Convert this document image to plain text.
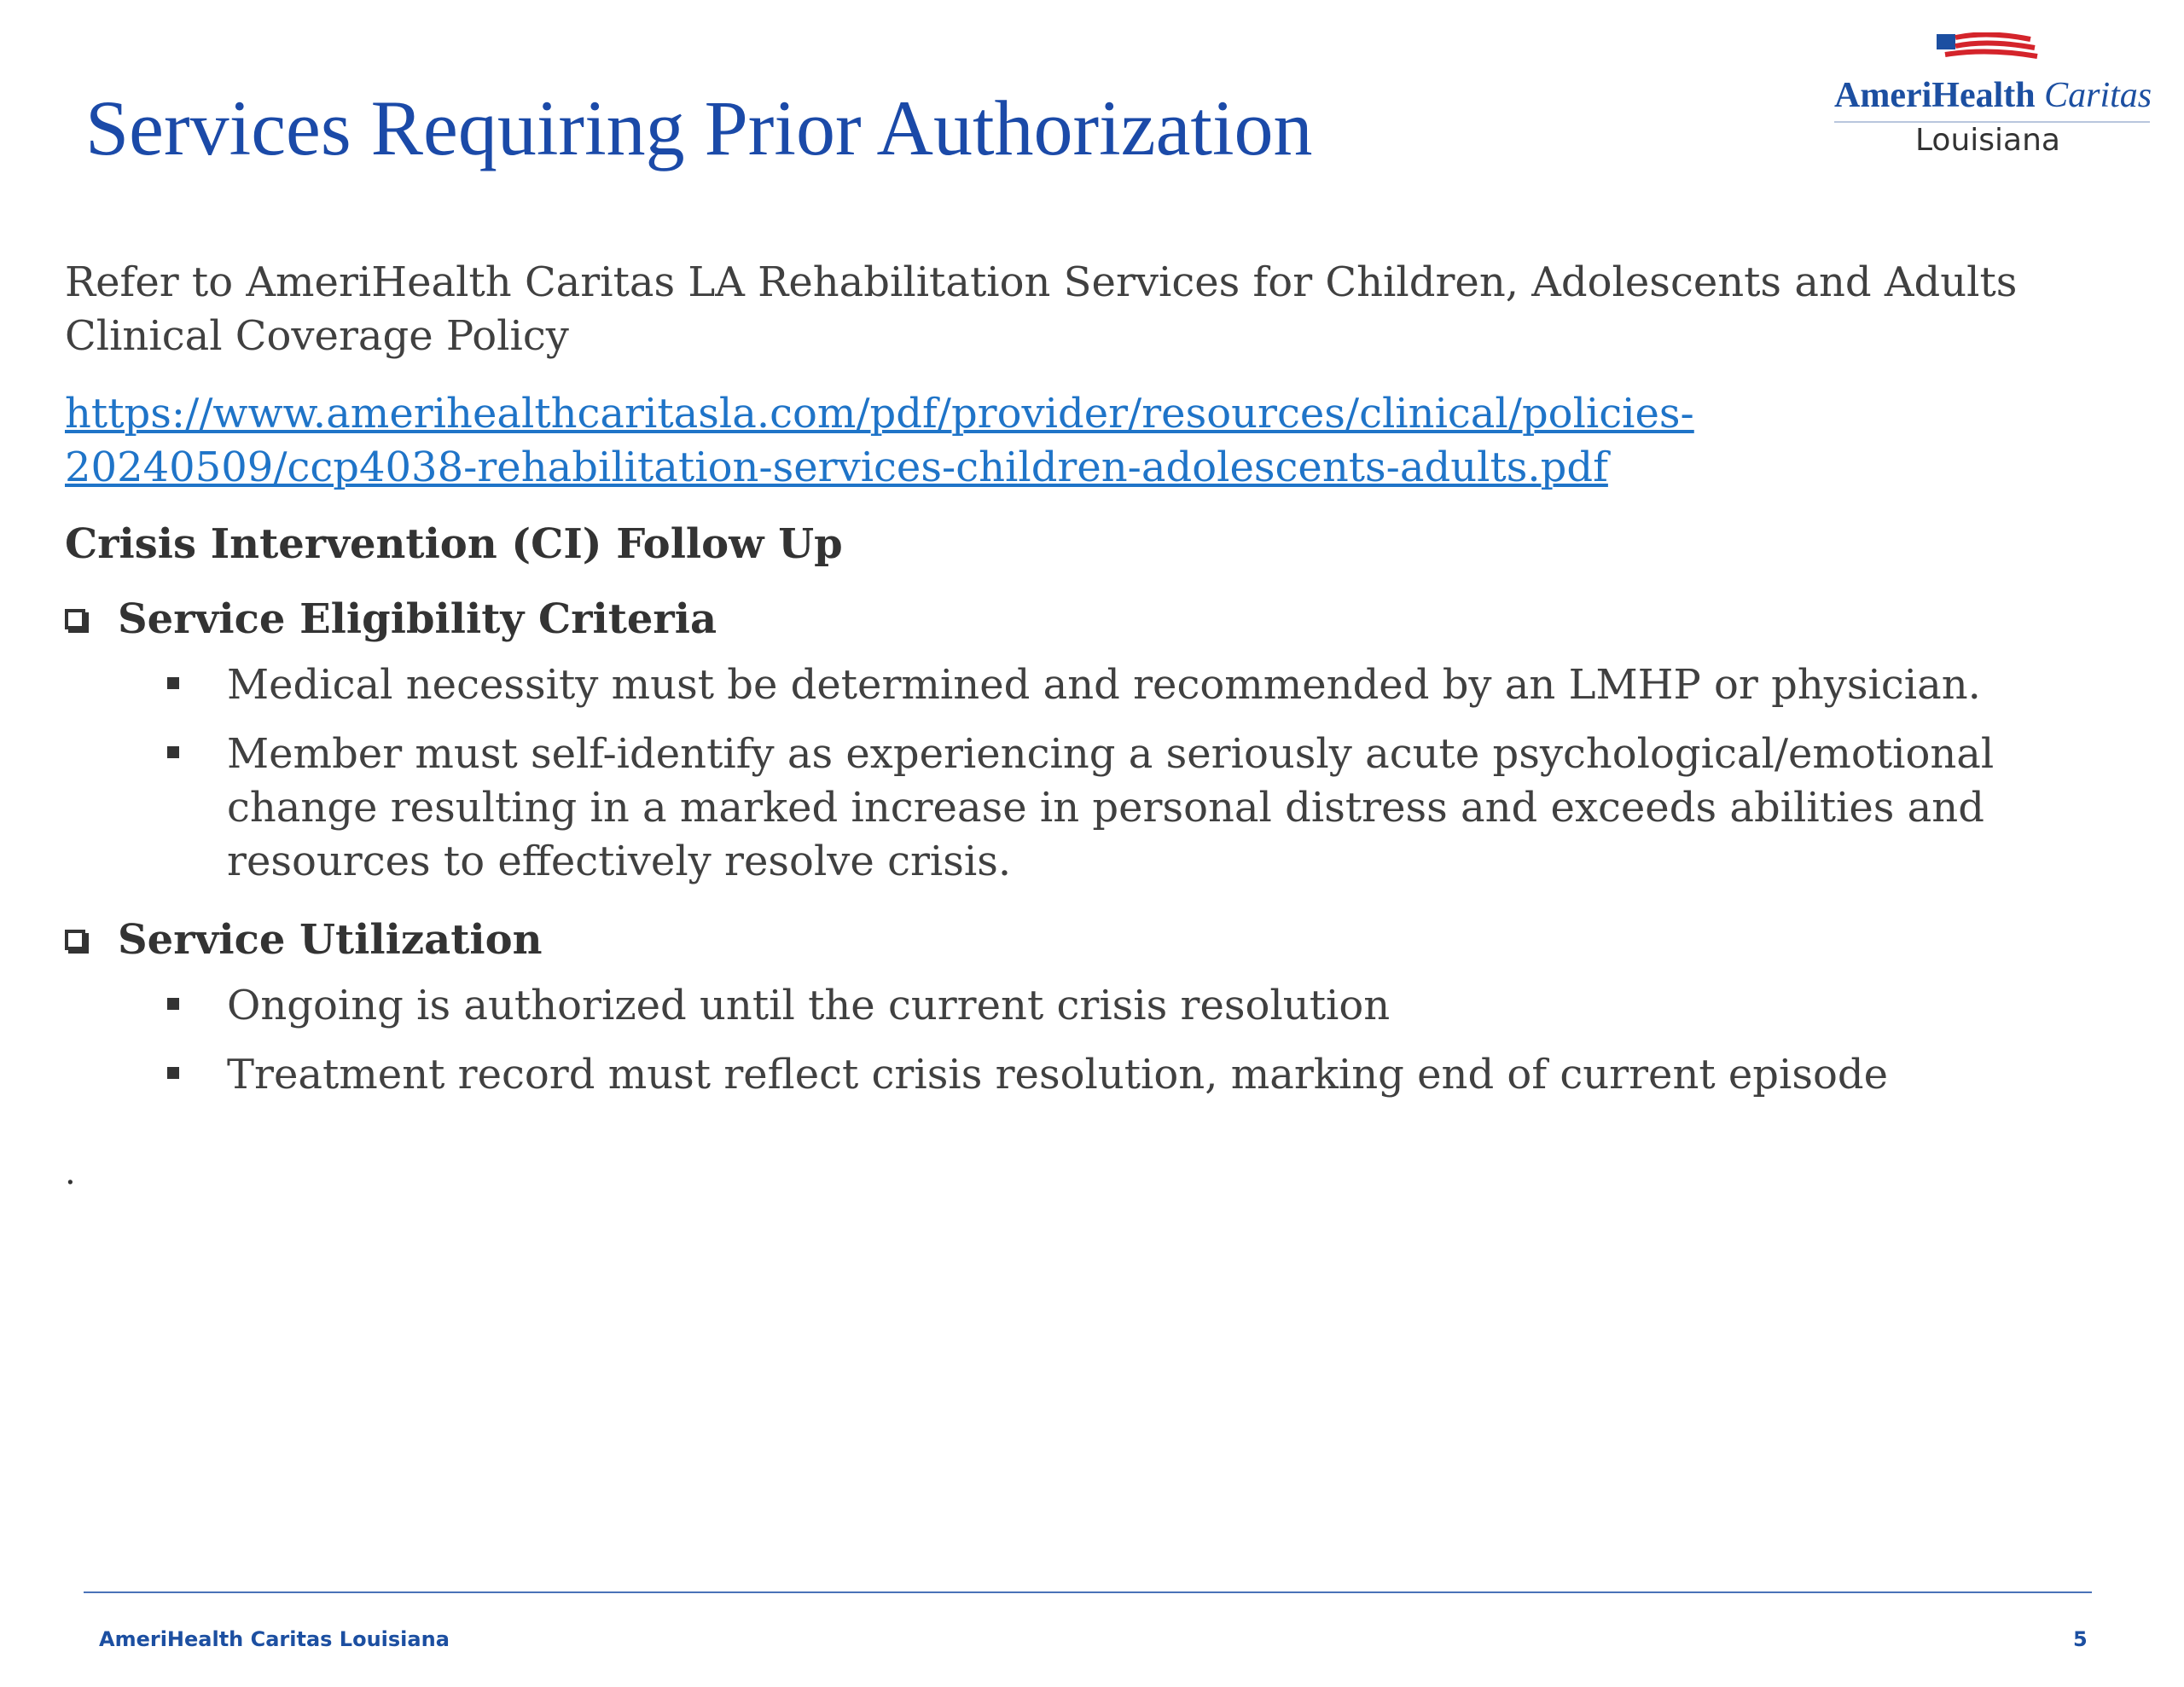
Services Requiring Prior Authorization	AmeriHealth Caritas
Louisiana

Refer to AmeriHealth Caritas LA Rehabilitation Services for Children, Adolescents and Adults Clinical Coverage Policy

https://www.amerihealthcaritasla.com/pdf/provider/resources/clinical/policies-
20240509/ccp4038-rehabilitation-services-children-adolescents-adults.pdf

Crisis Intervention (CI) Follow Up
Service Eligibility Criteria
Medical necessity must be determined and recommended by an LMHP or physician.
Member must self-identify as experiencing a seriously acute psychological/emotional change resulting in a marked increase in personal distress and exceeds abilities and resources to effectively resolve crisis.
Service Utilization
Ongoing is authorized until the current crisis resolution
Treatment record must reflect crisis resolution, marking end of current episode
.
AmeriHealth Caritas Louisiana	5
